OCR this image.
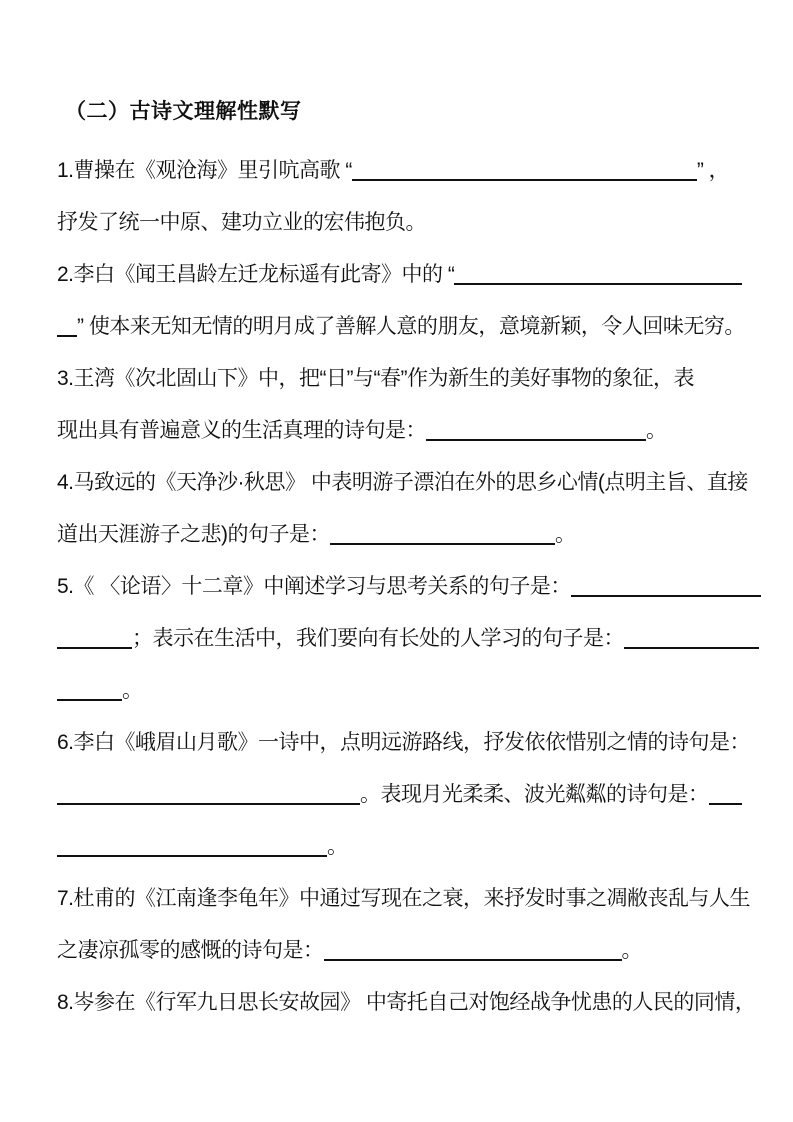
（二）古诗文理解性默写
1.曹操在《观沧海》里引吭高歌 “	” ，
抒发了统一中原、建功立业的宏伟抱负。
2.李白《闻王昌龄左迁龙标遥有此寄》中的 “
” 使本来无知无情的明月成了善解人意的朋友，意境新颖，令人回味无穷。
3.王湾《次北固山下》中，把“日”与“春”作为新生的美好事物的象征，表
现出具有普遍意义的生活真理的诗句是：	。
4.马致远的《天净沙·秋思》 中表明游子漂泊在外的思乡心情(点明主旨、直接
道出天涯游子之悲)的句子是：	。
5.《 〈论语〉十二章》中阐述学习与思考关系的句子是：
；表示在生活中，我们要向有长处的人学习的句子是：
。
6.李白《峨眉山月歌》一诗中，点明远游路线，抒发依依惜别之情的诗句是：
。表现月光柔柔、波光粼粼的诗句是：
。
7.杜甫的《江南逢李龟年》中通过写现在之衰，来抒发时事之凋敝丧乱与人生
之凄凉孤零的感慨的诗句是：	。
8.岑参在《行军九日思长安故园》 中寄托自己对饱经战争忧患的人民的同情，
